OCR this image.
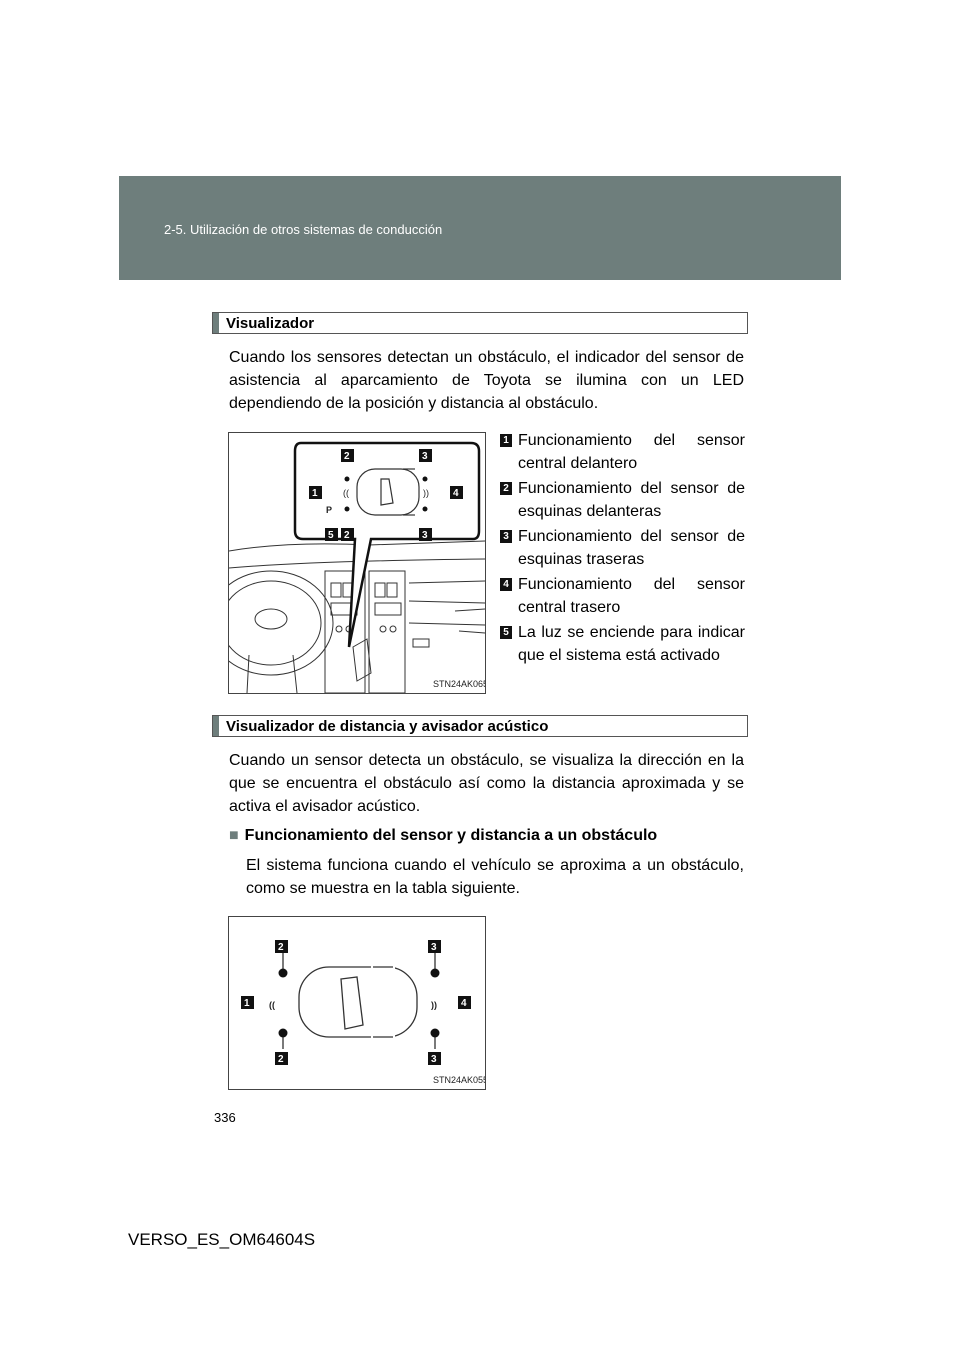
2-5. Utilización de otros sistemas de conducción
Visualizador
Cuando los sensores detectan un obstáculo, el indicador del sensor de asistencia al aparcamiento de Toyota se ilumina con un LED dependiendo de la posición y distancia al obstáculo.
((	))
P
2	3
1	4
5 2	3
STN24AK065
1 Funcionamiento del sensor central delantero
2 Funcionamiento del sensor de esquinas delanteras
3 Funcionamiento del sensor de esquinas traseras
4 Funcionamiento del sensor central trasero
5 La luz se enciende para indicar que el sistema está activado
Visualizador de distancia y avisador acústico
Cuando un sensor detecta un obstáculo, se visualiza la dirección en la que se encuentra el obstáculo así como la distancia aproximada y se activa el avisador acústico.
■ Funcionamiento del sensor y distancia a un obstáculo
El sistema funciona cuando el vehículo se aproxima a un obstáculo, como se muestra en la tabla siguiente.
((	))
2	3
1	4
2	3
STN24AK055
336
VERSO_ES_OM64604S
